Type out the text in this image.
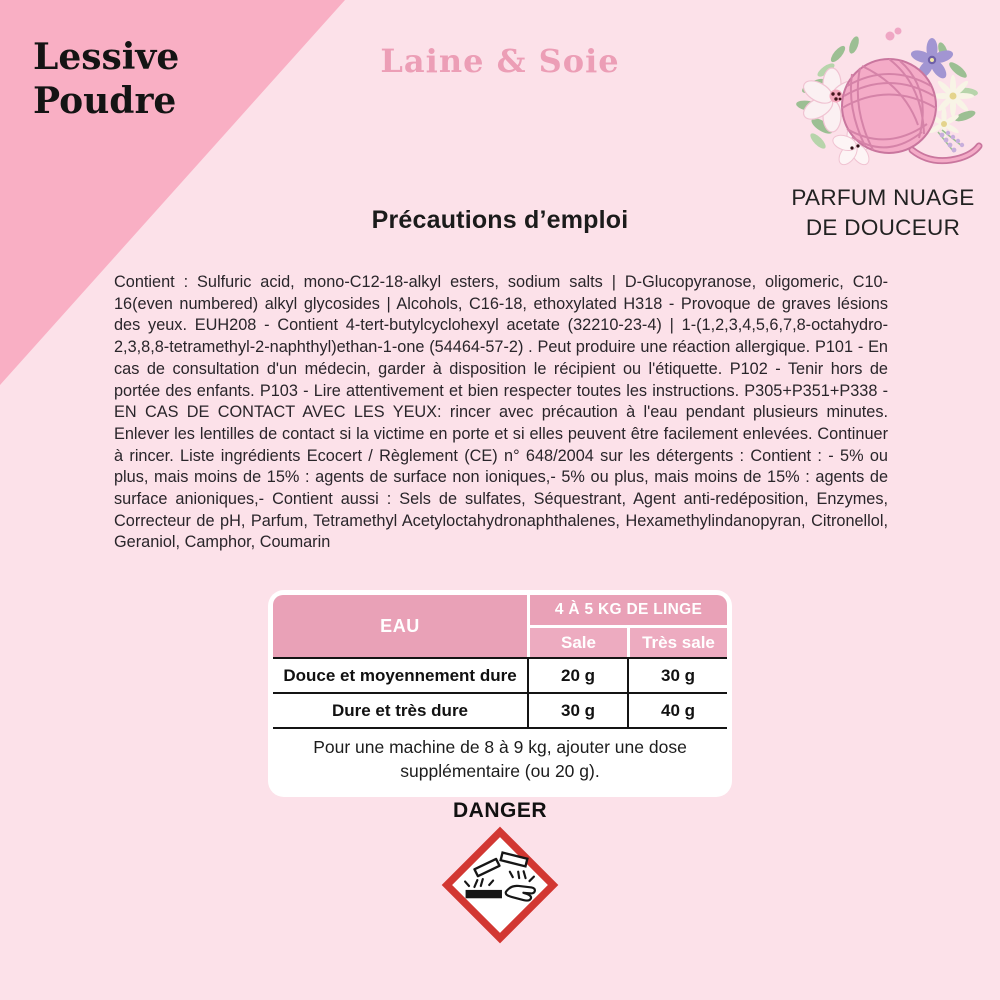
Lessive
Poudre
Laine & Soie
PARFUM NUAGE
DE DOUCEUR
Précautions d’emploi
Contient : Sulfuric acid, mono-C12-18-alkyl esters, sodium salts | D-Glucopyranose, oligomeric, C10-16(even numbered) alkyl glycosides | Alcohols, C16-18, ethoxylated H318 - Provoque de graves lésions des yeux. EUH208 - Contient 4-tert-butylcyclohexyl acetate (32210-23-4) | 1-(1,2,3,4,5,6,7,8-octahydro-2,3,8,8-tetramethyl-2-naphthyl)ethan-1-one (54464-57-2) . Peut produire une réaction allergique. P101 - En cas de consultation d'un médecin, garder à disposition le récipient ou l'étiquette. P102 - Tenir hors de portée des enfants. P103 - Lire attentivement et bien respecter toutes les instructions. P305+P351+P338 - EN CAS DE CONTACT AVEC LES YEUX: rincer avec précaution à l'eau pendant plusieurs minutes. Enlever les lentilles de contact si la victime en porte et si elles peuvent être facilement enlevées. Continuer à rincer. Liste ingrédients Ecocert / Règlement (CE) n° 648/2004 sur les détergents : Contient : - 5% ou plus, mais moins de 15% : agents de surface non ioniques,- 5% ou plus, mais moins de 15% : agents de surface anioniques,- Contient aussi : Sels de sulfates, Séquestrant, Agent anti-redéposition, Enzymes, Correcteur de pH, Parfum, Tetramethyl Acetyloctahydronaphthalenes, Hexamethylindanopyran, Citronellol, Geraniol, Camphor, Coumarin
EAU
4 À 5 KG DE LINGE
Sale	Très sale
Douce et moyennement dure	20 g	30 g
Dure et très dure	30 g	40 g
Pour une machine de 8 à 9 kg, ajouter une dose supplémentaire (ou 20 g).
DANGER
